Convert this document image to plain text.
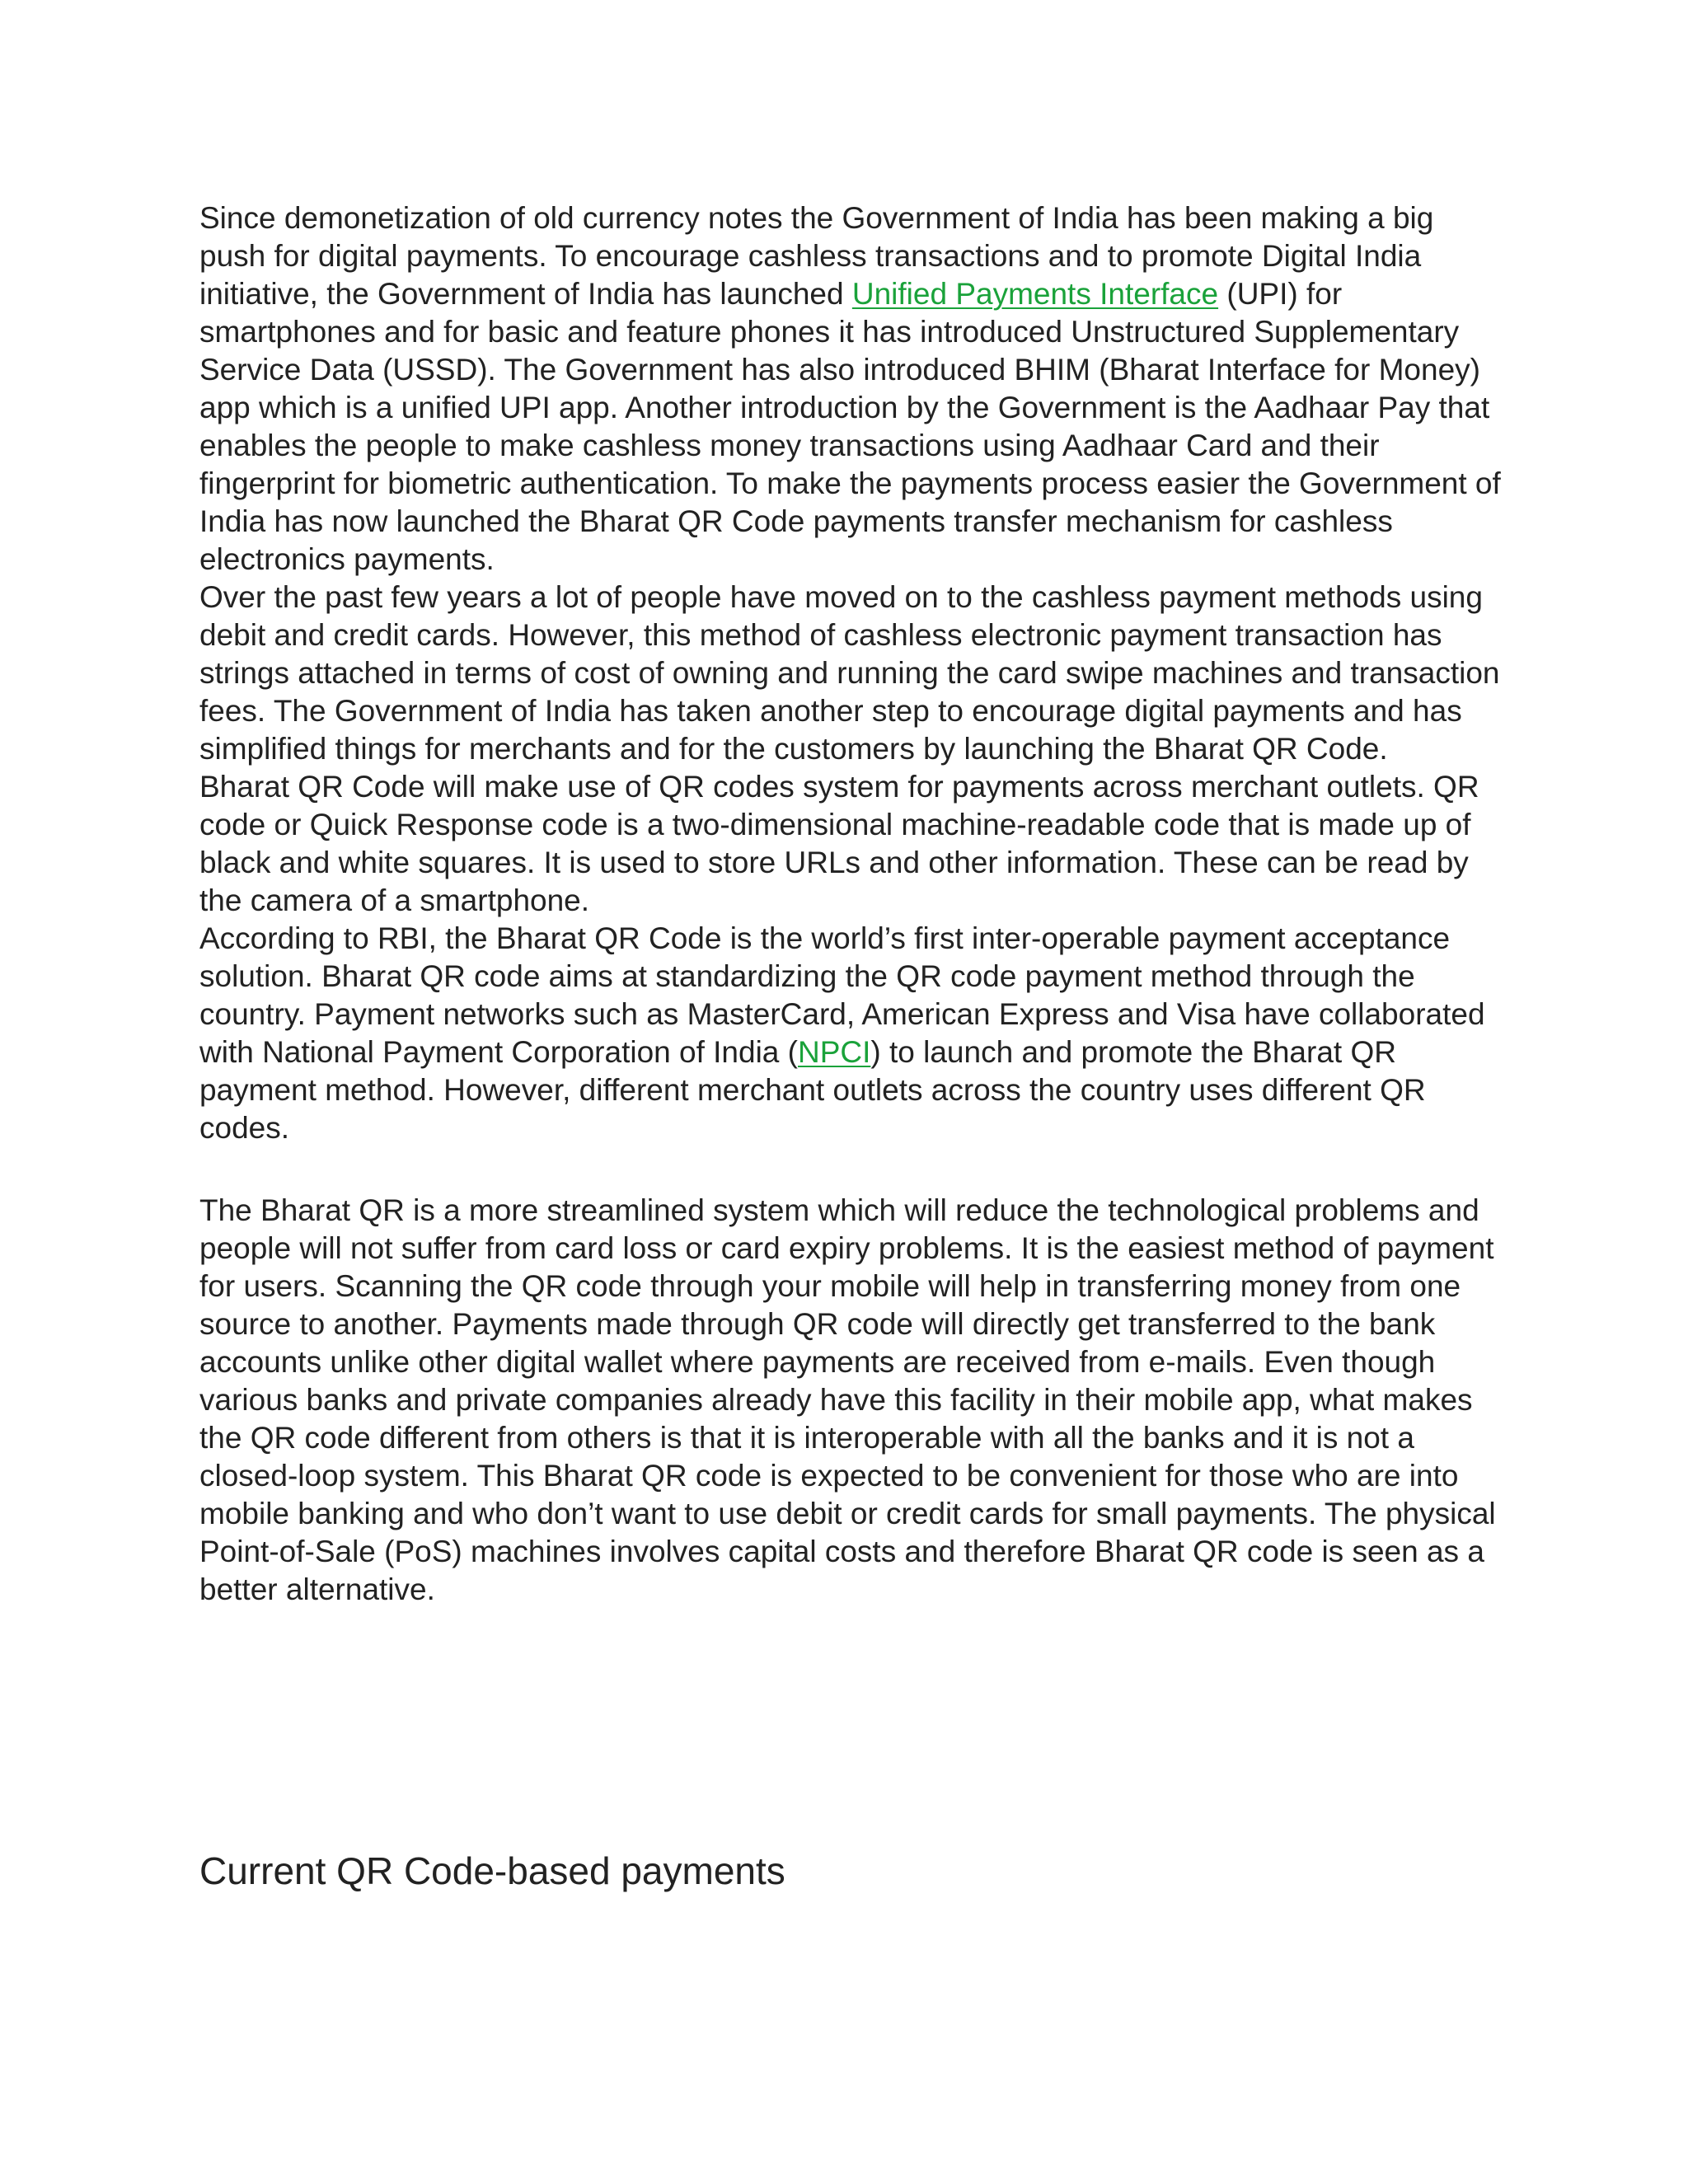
Since demonetization of old currency notes the Government of India has been making a big push for digital payments. To encourage cashless transactions and to promote Digital India initiative, the Government of India has launched Unified Payments Interface (UPI) for smartphones and for basic and feature phones it has introduced Unstructured Supplementary Service Data (USSD). The Government has also introduced BHIM (Bharat Interface for Money) app which is a unified UPI app. Another introduction by the Government is the Aadhaar Pay that enables the people to make cashless money transactions using Aadhaar Card and their fingerprint for biometric authentication. To make the payments process easier the Government of India has now launched the Bharat QR Code payments transfer mechanism for cashless electronics payments.

Over the past few years a lot of people have moved on to the cashless payment methods using debit and credit cards. However, this method of cashless electronic payment transaction has strings attached in terms of cost of owning and running the card swipe machines and transaction fees. The Government of India has taken another step to encourage digital payments and has simplified things for merchants and for the customers by launching the Bharat QR Code.

Bharat QR Code will make use of QR codes system for payments across merchant outlets. QR code or Quick Response code is a two-dimensional machine-readable code that is made up of black and white squares. It is used to store URLs and other information. These can be read by the camera of a smartphone.

According to RBI, the Bharat QR Code is the world’s first inter-operable payment acceptance solution. Bharat QR code aims at standardizing the QR code payment method through the country. Payment networks such as MasterCard, American Express and Visa have collaborated with National Payment Corporation of India (NPCI) to launch and promote the Bharat QR payment method. However, different merchant outlets across the country uses different QR codes.

The Bharat QR is a more streamlined system which will reduce the technological problems and people will not suffer from card loss or card expiry problems. It is the easiest method of payment for users. Scanning the QR code through your mobile will help in transferring money from one source to another. Payments made through QR code will directly get transferred to the bank accounts unlike other digital wallet where payments are received from e-mails. Even though various banks and private companies already have this facility in their mobile app, what makes the QR code different from others is that it is interoperable with all the banks and it is not a closed-loop system. This Bharat QR code is expected to be convenient for those who are into mobile banking and who don’t want to use debit or credit cards for small payments. The physical Point-of-Sale (PoS) machines involves capital costs and therefore Bharat QR code is seen as a better alternative.

Current QR Code-based payments
